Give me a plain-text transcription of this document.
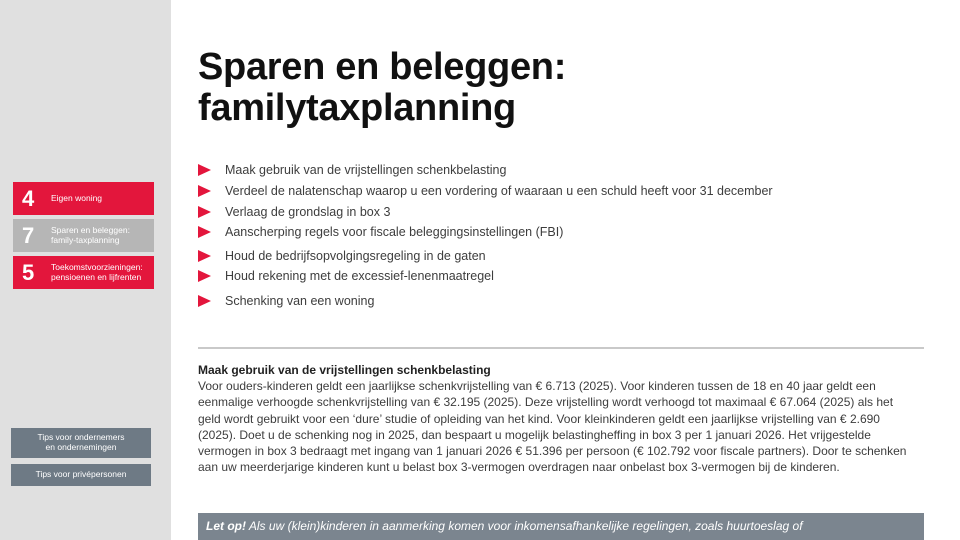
4	Eigen woning
7	Sparen en beleggen:
family-taxplanning
5	Toekomstvoorzieningen:
pensioenen en lijfrenten
Tips voor ondernemers
en ondernemingen
Tips voor privépersonen
Sparen en beleggen:
familytaxplanning
Maak gebruik van de vrijstellingen schenkbelasting
Verdeel de nalatenschap waarop u een vordering of waaraan u een schuld heeft voor 31 december
Verlaag de grondslag in box 3
Aanscherping regels voor fiscale beleggingsinstellingen (FBI)
Houd de bedrijfsopvolgingsregeling in de gaten
Houd rekening met de excessief-lenenmaatregel
Schenking van een woning
Maak gebruik van de vrijstellingen schenkbelasting

Voor ouders-kinderen geldt een jaarlijkse schenkvrijstelling van € 6.713 (2025). Voor kinderen tussen de 18 en 40 jaar geldt een eenmalige verhoogde schenkvrijstelling van € 32.195 (2025). Deze vrijstelling wordt verhoogd tot maximaal € 67.064 (2025) als het geld wordt gebruikt voor een ‘dure’ studie of opleiding van het kind. Voor kleinkinderen geldt een jaarlijkse vrijstelling van € 2.690 (2025). Doet u de schenking nog in 2025, dan bespaart u mogelijk belastingheffing in box 3 per 1 januari 2026. Het vrijgestelde vermogen in box 3 bedraagt met ingang van 1 januari 2026 € 51.396 per persoon (€ 102.792 voor fiscale partners). Door te schenken aan uw meerderjarige kinderen kunt u belast box 3-vermogen overdragen naar onbelast box 3-vermogen bij de kinderen.

Let op! Als uw (klein)kinderen in aanmerking komen voor inkomensafhankelijke regelingen, zoals huurtoeslag of
